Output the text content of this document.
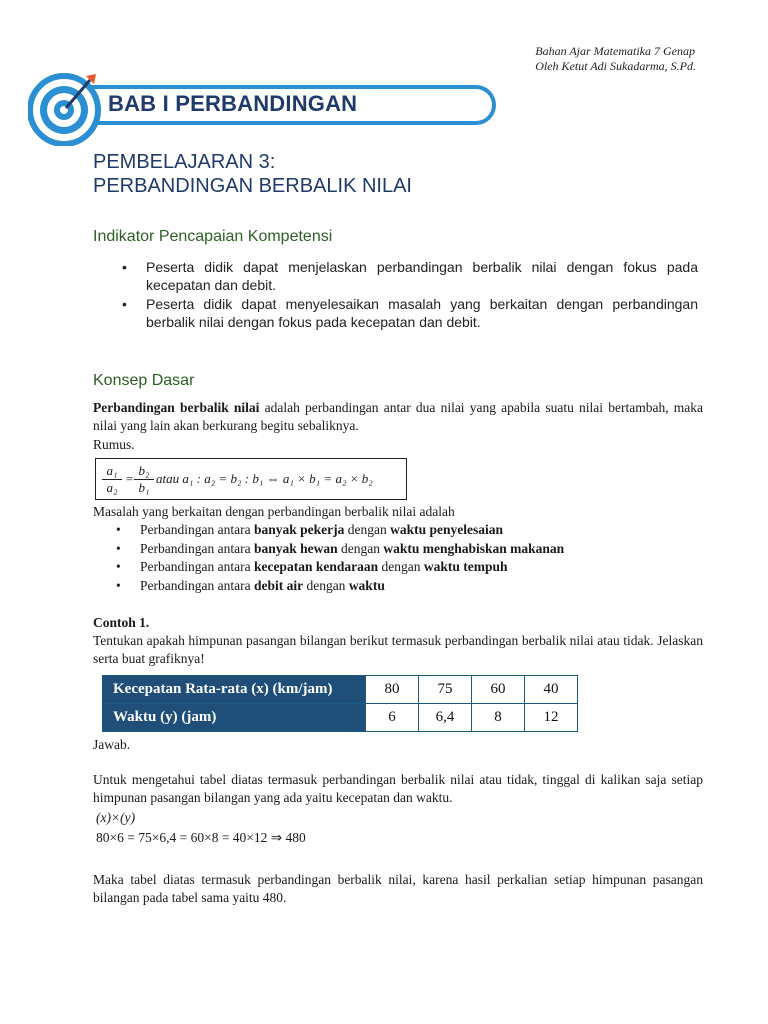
Bahan Ajar Matematika 7 Genap
Oleh Ketut Adi Sukadarma, S.Pd.
BAB I PERBANDINGAN
PEMBELAJARAN 3:
PERBANDINGAN BERBALIK NILAI
Indikator Pencapaian Kompetensi
• Peserta didik dapat menjelaskan perbandingan berbalik nilai dengan fokus pada kecepatan dan debit.
• Peserta didik dapat menyelesaikan masalah yang berkaitan dengan perbandingan berbalik nilai dengan fokus pada kecepatan dan debit.
Konsep Dasar
Perbandingan berbalik nilai adalah perbandingan antar dua nilai yang apabila suatu nilai bertambah, maka nilai yang lain akan berkurang begitu sebaliknya.
Rumus.
$\frac{\text{a₁}}{\text{a₂}} = \frac{\text{b₂}}{\text{b₁}}$ atau a₁ : a₂ = b₂ : b₁ ⇔ a₁ × b₁ = a₂ × b₂
Masalah yang berkaitan dengan perbandingan berbalik nilai adalah
• Perbandingan antara banyak pekerja dengan waktu penyelesaian
• Perbandingan antara banyak hewan dengan waktu menghabiskan makanan
• Perbandingan antara kecepatan kendaraan dengan waktu tempuh
• Perbandingan antara debit air dengan waktu
Contoh 1.
Tentukan apakah himpunan pasangan bilangan berikut termasuk perbandingan berbalik nilai atau tidak. Jelaskan serta buat grafiknya!
Kecepatan Rata-rata (x) (km/jam)	80	75	60	40
Waktu (y) (jam)	6	6,4	8	12
Jawab.
Untuk mengetahui tabel diatas termasuk perbandingan berbalik nilai atau tidak, tinggal di kalikan saja setiap himpunan pasangan bilangan yang ada yaitu kecepatan dan waktu.
(x)×(y)
80×6 = 75×6,4 = 60×8 = 40×12 ⇒ 480
Maka tabel diatas termasuk perbandingan berbalik nilai, karena hasil perkalian setiap himpunan pasangan bilangan pada tabel sama yaitu 480.
